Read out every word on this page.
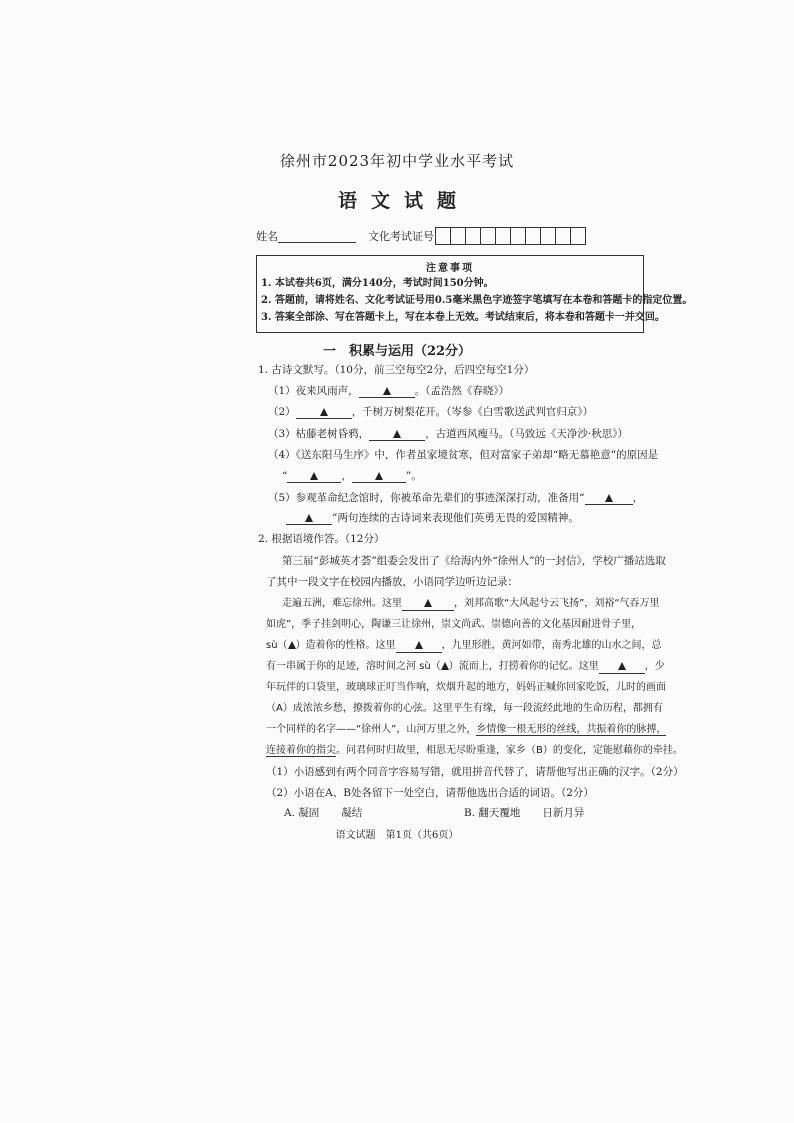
徐州市2023年初中学业水平考试
语文试题
姓名	文化考试证号
注意事项
1. 本试卷共6页，满分140分，考试时间150分钟。
2. 答题前，请将姓名、文化考试证号用0.5毫米黑色字迹签字笔填写在本卷和答题卡的指定位置。
3. 答案全部涂、写在答题卡上，写在本卷上无效。考试结束后，将本卷和答题卡一并交回。
一　积累与运用（22分）
1. 古诗文默写。（10分，前三空每空2分，后四空每空1分）
（1）夜来风雨声，	。（孟浩然《春晓》）
（2）	，千树万树梨花开。（岑参《白雪歌送武判官归京》）
（3）枯藤老树昏鸦，	，古道西风瘦马。（马致远《天净沙·秋思》）
（4）《送东阳马生序》中，作者虽家境贫寒，但对富家子弟却“略无慕艳意”的原因是
“	，	”。
（5）参观革命纪念馆时，你被革命先辈们的事迹深深打动，准备用“	，
”两句连续的古诗词来表现他们英勇无畏的爱国精神。
2. 根据语境作答。（12分）
第三届“彭城英才荟”组委会发出了《给海内外“徐州人”的一封信》，学校广播站选取
了其中一段文字在校园内播放，小语同学边听边记录：
走遍五洲，难忘徐州。这里	，刘邦高歌“大风起兮云飞扬”，刘裕“气吞万里
如虎”，季子挂剑明心，陶谦三让徐州，崇文尚武、崇德向善的文化基因耐进骨子里，
sù（ ）造着你的性格。这里	，九里形胜，黄河如带，南秀北雄的山水之间，总
有一串属于你的足迹，溶时间之河 sù（ ）流而上，打捞着你的记忆。这里	，少
年玩伴的口袋里，玻璃球正叮当作响，炊烟升起的地方，妈妈正喊你回家吃饭，儿时的画面
（A）成浓浓乡愁，撩拨着你的心弦。这里平生有缘，每一段流经此地的生命历程，都拥有
一个同样的名字——“徐州人”，山河万里之外，乡情像一根无形的丝线，共振着你的脉搏，
连接着你的指尖。问君何时归故里，相思无尽盼重逢，家乡（B）的变化，定能慰藉你的牵挂。
（1）小语感到有两个同音字容易写错，就用拼音代替了，请帮他写出正确的汉字。（2分）
（2）小语在A、B处各留下一处空白，请帮他选出合适的词语。（2分）
A. 凝固 凝结	B. 翻天覆地 日新月异
语文试题　第1页（共6页）
